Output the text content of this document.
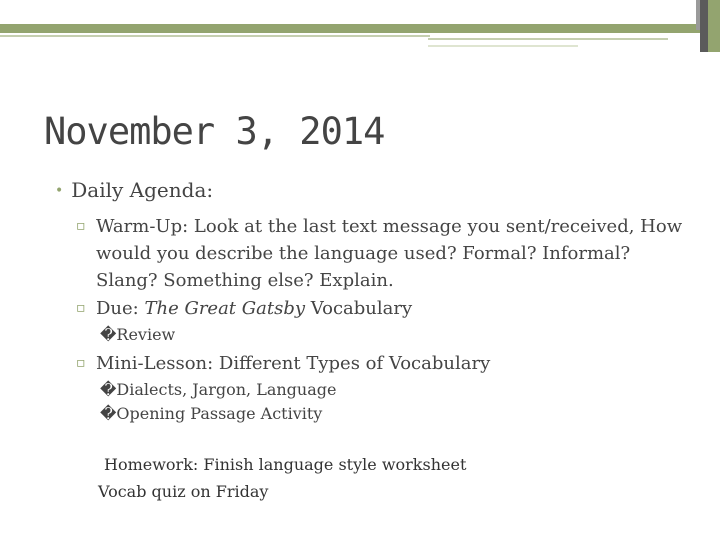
November 3, 2014
• Daily Agenda:
▫ Warm-Up: Look at the last text message you sent/received, How would you describe the language used? Formal? Informal? Slang? Something else? Explain.
▫ Due: The Great Gatsby Vocabulary
�Review
▫ Mini-Lesson: Different Types of Vocabulary
�Dialects, Jargon, Language
�Opening Passage Activity
Homework: Finish language style worksheet
Vocab quiz on Friday
